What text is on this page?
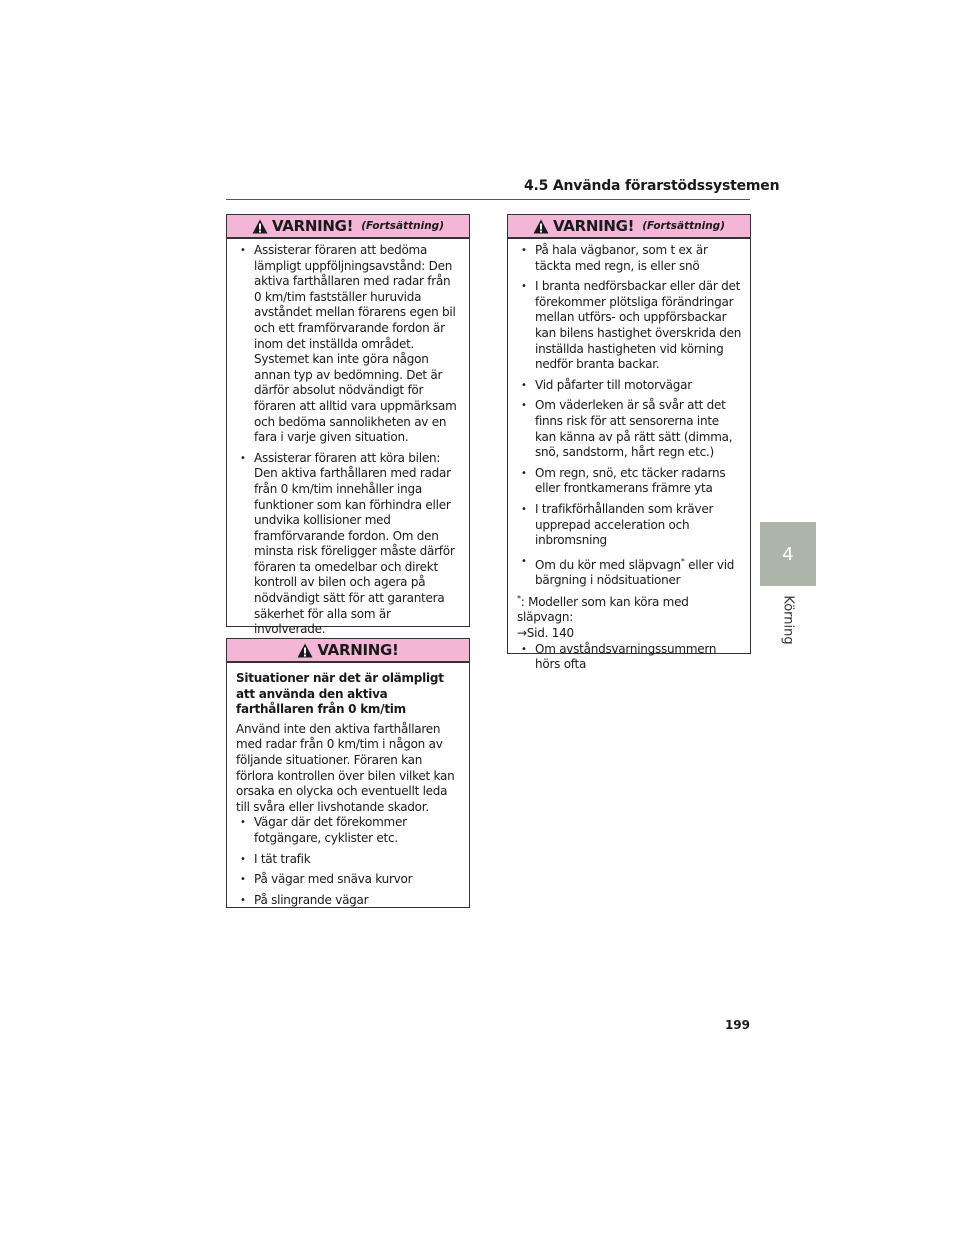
4.5 Använda förarstödssystemen
VARNING! (Fortsättning)
• Assisterar föraren att bedöma lämpligt uppföljningsavstånd: Den aktiva farthållaren med radar från 0 km/tim fastställer huruvida avståndet mellan förarens egen bil och ett framförvarande fordon är inom det inställda området. Systemet kan inte göra någon annan typ av bedömning. Det är därför absolut nödvändigt för föraren att alltid vara uppmärksam och bedöma sannolikheten av en fara i varje given situation.
• Assisterar föraren att köra bilen: Den aktiva farthållaren med radar från 0 km/tim innehåller inga funktioner som kan förhindra eller undvika kollisioner med framförvarande fordon. Om den minsta risk föreligger måste därför föraren ta omedelbar och direkt kontroll av bilen och agera på nödvändigt sätt för att garantera säkerhet för alla som är involverade.
VARNING!
Situationer när det är olämpligt att använda den aktiva farthållaren från 0 km/tim
Använd inte den aktiva farthållaren med radar från 0 km/tim i någon av följande situationer. Föraren kan förlora kontrollen över bilen vilket kan orsaka en olycka och eventuellt leda till svåra eller livshotande skador.
• Vägar där det förekommer fotgängare, cyklister etc.
• I tät trafik
• På vägar med snäva kurvor
• På slingrande vägar
VARNING! (Fortsättning)
• På hala vägbanor, som t ex är täckta med regn, is eller snö
• I branta nedförsbackar eller där det förekommer plötsliga förändringar mellan utförs- och uppförsbackar kan bilens hastighet överskrida den inställda hastigheten vid körning nedför branta backar.
• Vid påfarter till motorvägar
• Om väderleken är så svår att det finns risk för att sensorerna inte kan känna av på rätt sätt (dimma, snö, sandstorm, hårt regn etc.)
• Om regn, snö, etc täcker radarns eller frontkamerans främre yta
• I trafikförhållanden som kräver upprepad acceleration och inbromsning
• Om du kör med släpvagn* eller vid bärgning i nödsituationer
*: Modeller som kan köra med släpvagn:
→Sid. 140
• Om avståndsvarningssummern hörs ofta
4
Körning
199
